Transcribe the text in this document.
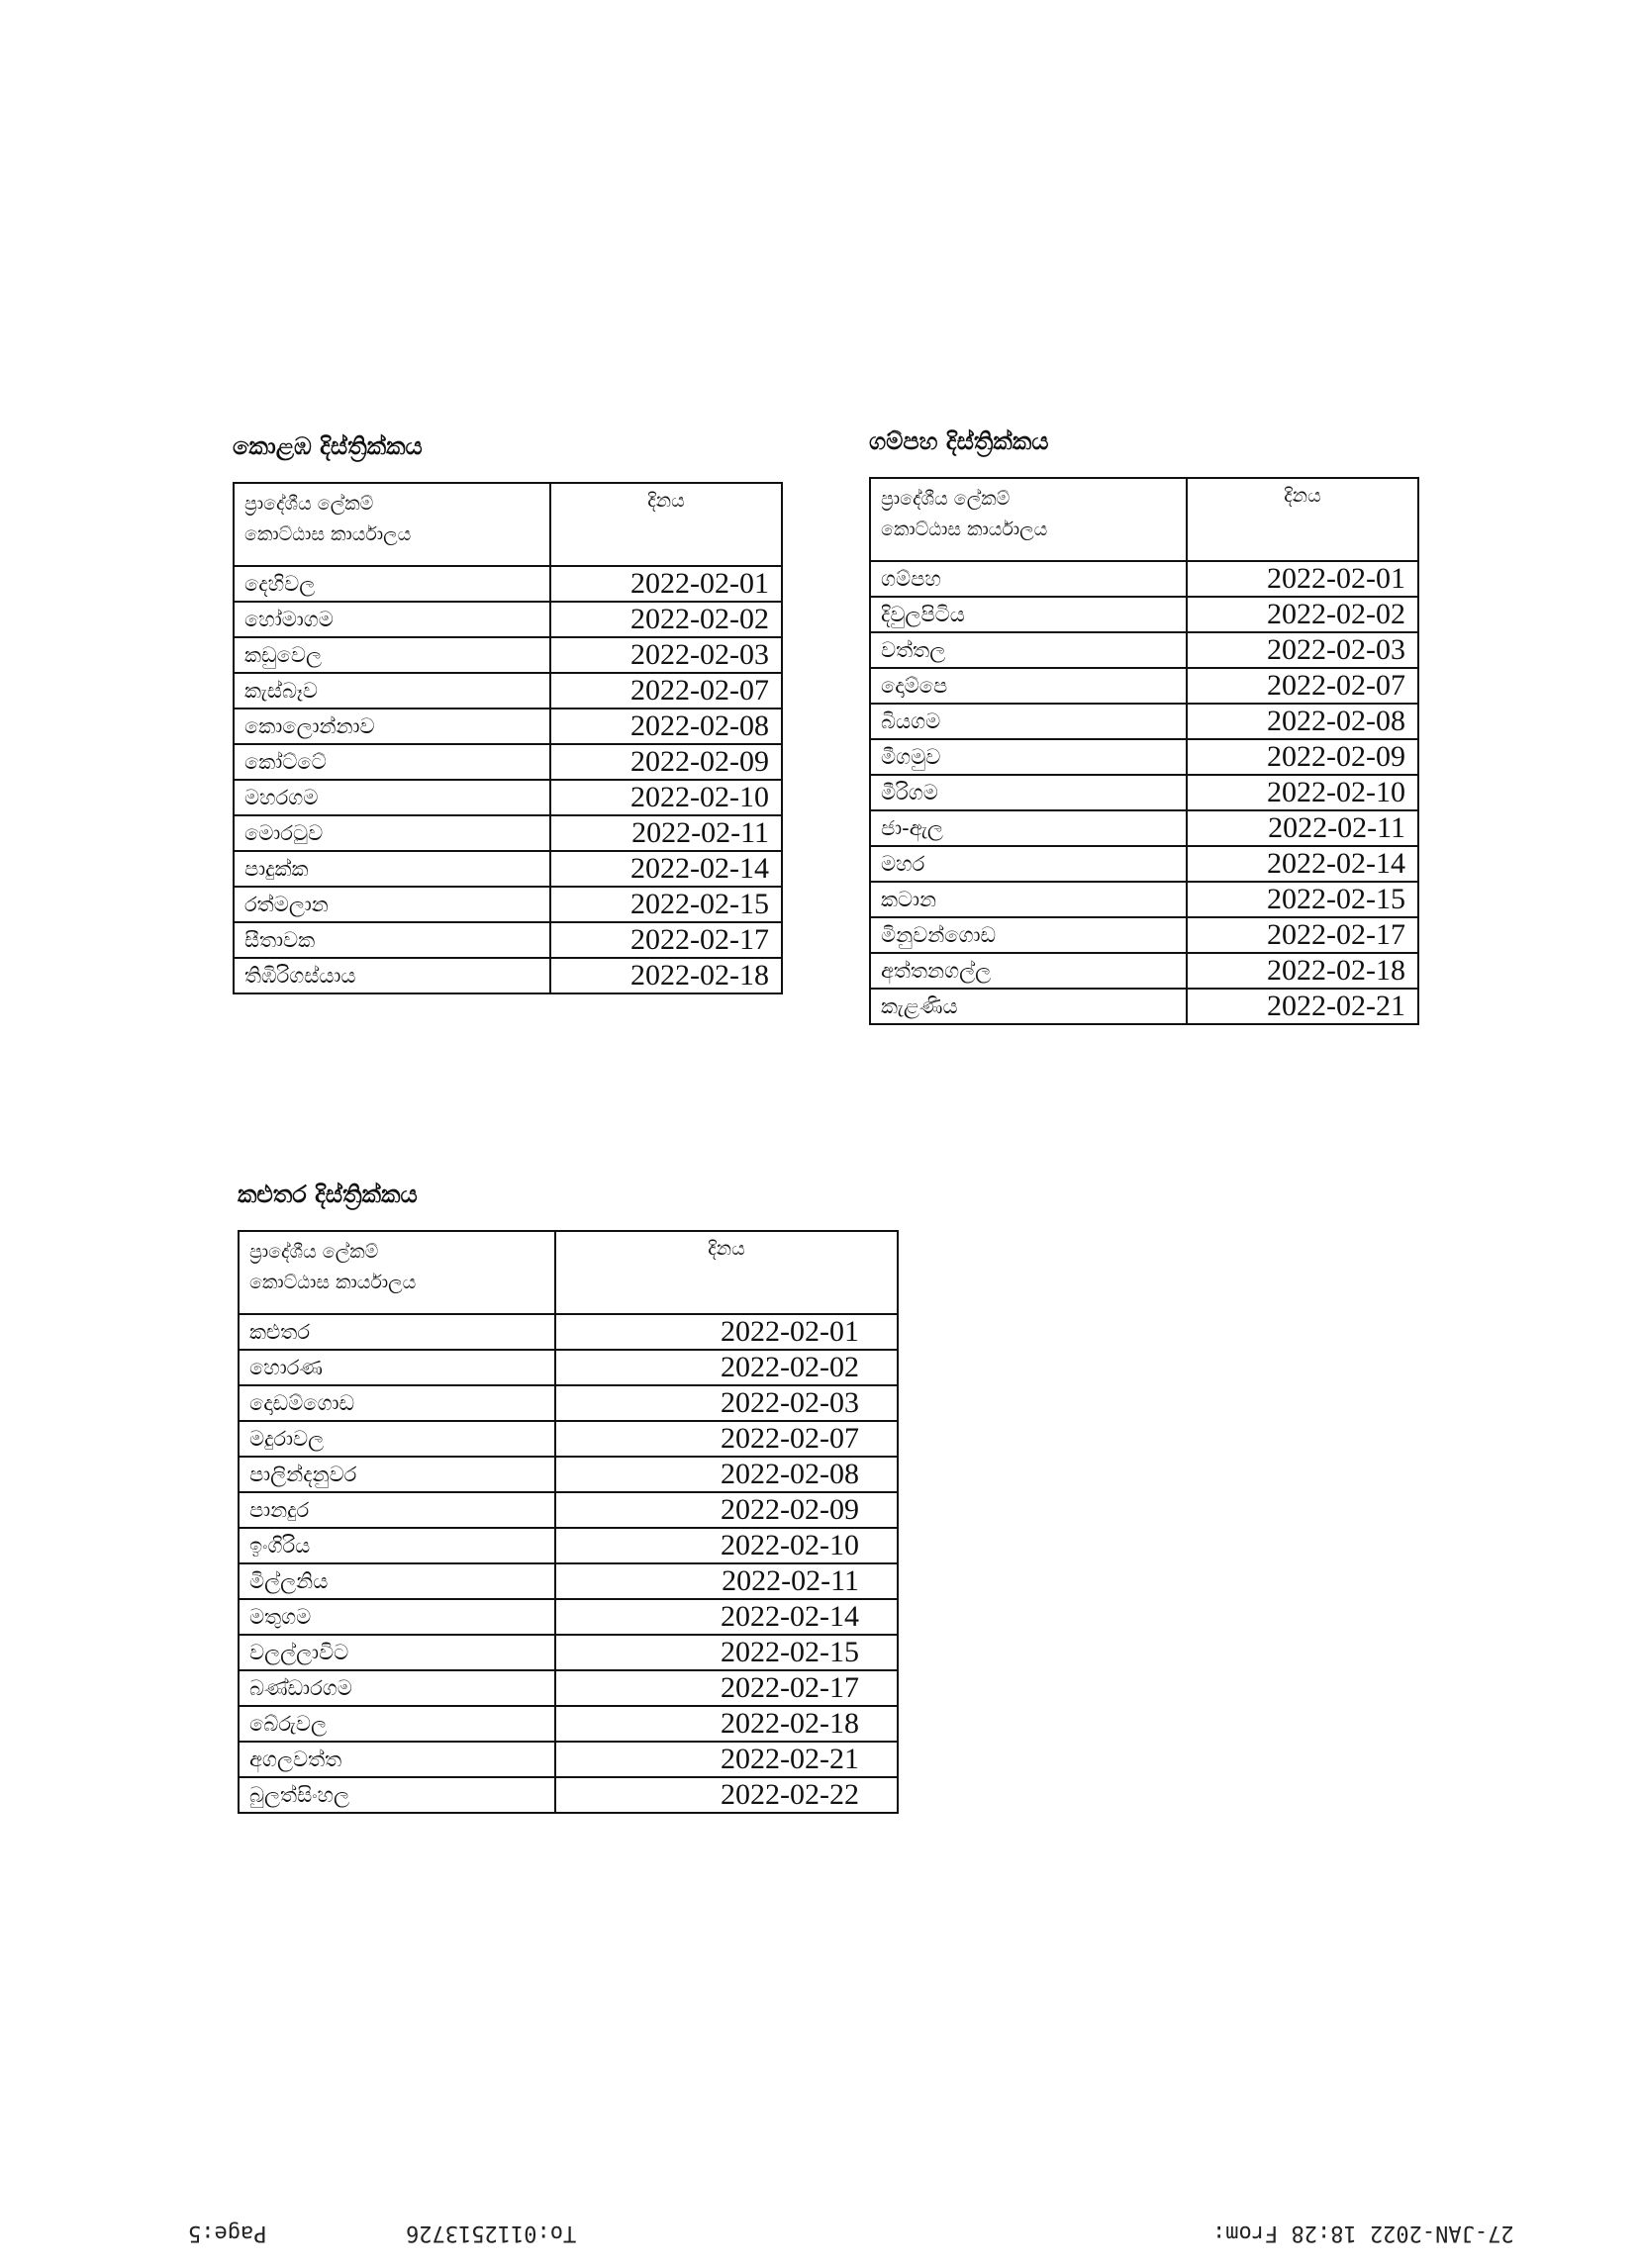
කොළඹ දිස්ත්‍රික්කය
ප්‍රාදේශීය ලේකම්
කොට්ඨාස කාර්යාලය	දිනය
දෙහිවල	2022-02-01
හෝමාගම	2022-02-02
කඩුවෙල	2022-02-03
කැස්බෑව	2022-02-07
කොලොන්නාව	2022-02-08
කෝට්ටේ	2022-02-09
මහරගම	2022-02-10
මොරටුව	2022-02-11
පාදුක්ක	2022-02-14
රත්මලාන	2022-02-15
සීතාවක	2022-02-17
තිඹිරිගස්යාය	2022-02-18
ගම්පහ දිස්ත්‍රික්කය
ප්‍රාදේශීය ලේකම්
කොට්ඨාස කාර්යාලය	දිනය
ගම්පහ	2022-02-01
දිවුලපිටිය	2022-02-02
වත්තල	2022-02-03
දොම්පෙ	2022-02-07
බියගම	2022-02-08
මීගමුව	2022-02-09
මීරිගම	2022-02-10
ජා-ඇල	2022-02-11
මහර	2022-02-14
කටාන	2022-02-15
මිනුවන්ගොඩ	2022-02-17
අත්තනගල්ල	2022-02-18
කැළණිය	2022-02-21
කළුතර දිස්ත්‍රික්කය
ප්‍රාදේශීය ලේකම්
කොට්ඨාස කාර්යාලය	දිනය
කළුතර	2022-02-01
හොරණ	2022-02-02
දොඩම්ගොඩ	2022-02-03
මදුරාවල	2022-02-07
පාලින්දනුවර	2022-02-08
පානදුර	2022-02-09
ඉංගිරිය	2022-02-10
මිල්ලනිය	2022-02-11
මතුගම	2022-02-14
වලල්ලාවිට	2022-02-15
බණ්ඩාරගම	2022-02-17
බේරුවල	2022-02-18
අගලවත්ත	2022-02-21
බුලත්සිංහල	2022-02-22
Page:5	To:0112513726	27-JAN-2022 18:28 From:
